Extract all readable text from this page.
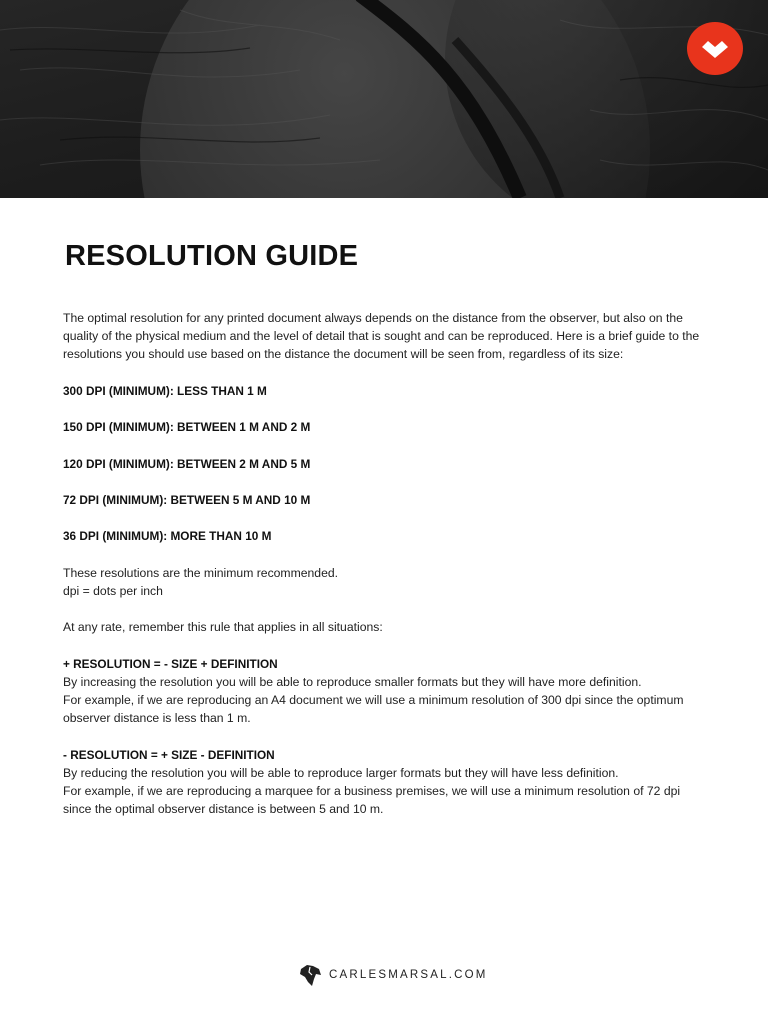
RESOLUTION GUIDE

The optimal resolution for any printed document always depends on the distance from the observer, but also on the quality of the physical medium and the level of detail that is sought and can be reproduced. Here is a brief guide to the resolutions you should use based on the distance the document will be seen from, regardless of its size:

300 DPI (MINIMUM): LESS THAN 1 M
150 DPI (MINIMUM): BETWEEN 1 M AND 2 M
120 DPI (MINIMUM): BETWEEN 2 M AND 5 M
72 DPI (MINIMUM): BETWEEN 5 M AND 10 M
36 DPI (MINIMUM): MORE THAN 10 M

These resolutions are the minimum recommended.

dpi = dots per inch

At any rate, remember this rule that applies in all situations:

+ RESOLUTION = - SIZE + DEFINITION

By increasing the resolution you will be able to reproduce smaller formats but they will have more definition.

For example, if we are reproducing an A4 document we will use a minimum resolution of 300 dpi since the optimum observer distance is less than 1 m.

- RESOLUTION = + SIZE - DEFINITION

By reducing the resolution you will be able to reproduce larger formats but they will have less definition.

For example, if we are reproducing a marquee for a business premises, we will use a minimum resolution of 72 dpi since the optimal observer distance is between 5 and 10 m.

CARLESMARSAL.COM
